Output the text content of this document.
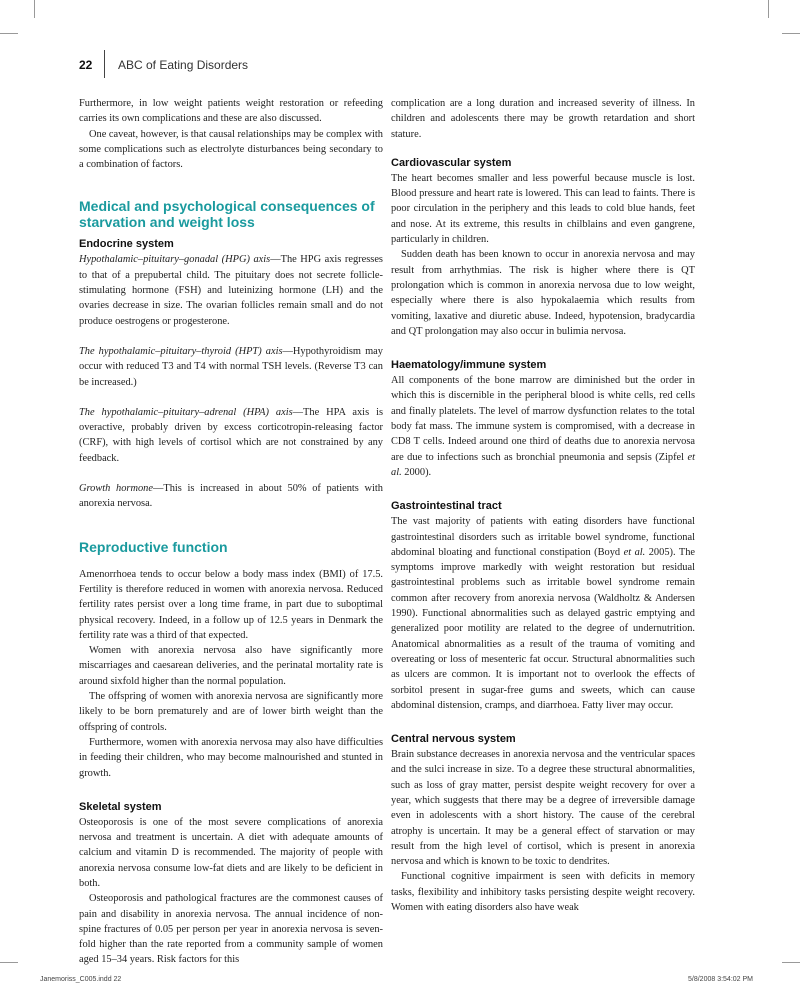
22 ABC of Eating Disorders

Furthermore, in low weight patients weight restoration or refeeding carries its own complications and these are also discussed.

One caveat, however, is that causal relationships may be complex with some complications such as electrolyte disturbances being secondary to a combination of factors.

Medical and psychological consequences of starvation and weight loss
Endocrine system

Hypothalamic–pituitary–gonadal (HPG) axis—The HPG axis regresses to that of a prepubertal child. The pituitary does not secrete follicle-stimulating hormone (FSH) and luteinizing hormone (LH) and the ovaries decrease in size. The ovarian follicles remain small and do not produce oestrogens or progesterone.

The hypothalamic–pituitary–thyroid (HPT) axis—Hypothyroidism may occur with reduced T3 and T4 with normal TSH levels. (Reverse T3 can be increased.)

The hypothalamic–pituitary–adrenal (HPA) axis—The HPA axis is overactive, probably driven by excess corticotropin-releasing factor (CRF), with high levels of cortisol which are not constrained by any feedback.

Growth hormone—This is increased in about 50% of patients with anorexia nervosa.

Reproductive function

Amenorrhoea tends to occur below a body mass index (BMI) of 17.5. Fertility is therefore reduced in women with anorexia nervosa. Reduced fertility rates persist over a long time frame, in part due to suboptimal physical recovery. Indeed, in a follow up of 12.5 years in Denmark the fertility rate was a third of that expected.

Women with anorexia nervosa also have significantly more miscarriages and caesarean deliveries, and the perinatal mortality rate is around sixfold higher than the normal population.

The offspring of women with anorexia nervosa are significantly more likely to be born prematurely and are of lower birth weight than the offspring of controls.

Furthermore, women with anorexia nervosa may also have difficulties in feeding their children, who may become malnourished and stunted in growth.

Skeletal system

Osteoporosis is one of the most severe complications of anorexia nervosa and treatment is uncertain. A diet with adequate amounts of calcium and vitamin D is recommended. The majority of people with anorexia nervosa consume low-fat diets and are likely to be deficient in both.

Osteoporosis and pathological fractures are the commonest causes of pain and disability in anorexia nervosa. The annual incidence of non-spine fractures of 0.05 per person per year in anorexia nervosa is seven-fold higher than the rate reported from a community sample of women aged 15–34 years. Risk factors for this

complication are a long duration and increased severity of illness. In children and adolescents there may be growth retardation and short stature.

Cardiovascular system

The heart becomes smaller and less powerful because muscle is lost. Blood pressure and heart rate is lowered. This can lead to faints. There is poor circulation in the periphery and this leads to cold blue hands, feet and nose. At its extreme, this results in chilblains and even gangrene, particularly in children.

Sudden death has been known to occur in anorexia nervosa and may result from arrhythmias. The risk is higher where there is QT prolongation which is common in anorexia nervosa due to low weight, especially where there is also hypokalaemia which results from vomiting, laxative and diuretic abuse. Indeed, hypotension, bradycardia and QT prolongation may also occur in bulimia nervosa.

Haematology/immune system

All components of the bone marrow are diminished but the order in which this is discernible in the peripheral blood is white cells, red cells and finally platelets. The level of marrow dysfunction relates to the total body fat mass. The immune system is compromised, with a decrease in CD8 T cells. Indeed around one third of deaths due to anorexia nervosa are due to infections such as bronchial pneumonia and sepsis (Zipfel et al. 2000).

Gastrointestinal tract

The vast majority of patients with eating disorders have functional gastrointestinal disorders such as irritable bowel syndrome, functional abdominal bloating and functional constipation (Boyd et al. 2005). The symptoms improve markedly with weight restoration but residual gastrointestinal problems such as irritable bowel syndrome remain common after recovery from anorexia nervosa (Waldholtz & Andersen 1990). Functional abnormalities such as delayed gastric emptying and generalized poor motility are related to the degree of undernutrition. Anatomical abnormalities as a result of the trauma of vomiting and overeating or loss of mesenteric fat occur. Structural abnormalities such as ulcers are common. It is important not to overlook the effects of sorbitol present in sugar-free gums and sweets, which can cause abdominal distension, cramps, and diarrhoea. Fatty liver may occur.

Central nervous system

Brain substance decreases in anorexia nervosa and the ventricular spaces and the sulci increase in size. To a degree these structural abnormalities, such as loss of gray matter, persist despite weight recovery for over a year, which suggests that there may be a degree of irreversible damage even in adolescents with a short history. The cause of the cerebral atrophy is uncertain. It may be a general effect of starvation or may result from the high level of cortisol, which is present in anorexia nervosa and which is known to be toxic to dendrites.

Functional cognitive impairment is seen with deficits in memory tasks, flexibility and inhibitory tasks persisting despite weight recovery. Women with eating disorders also have weak

Janemoriss_C005.indd 22	5/8/2008 3:54:02 PM
